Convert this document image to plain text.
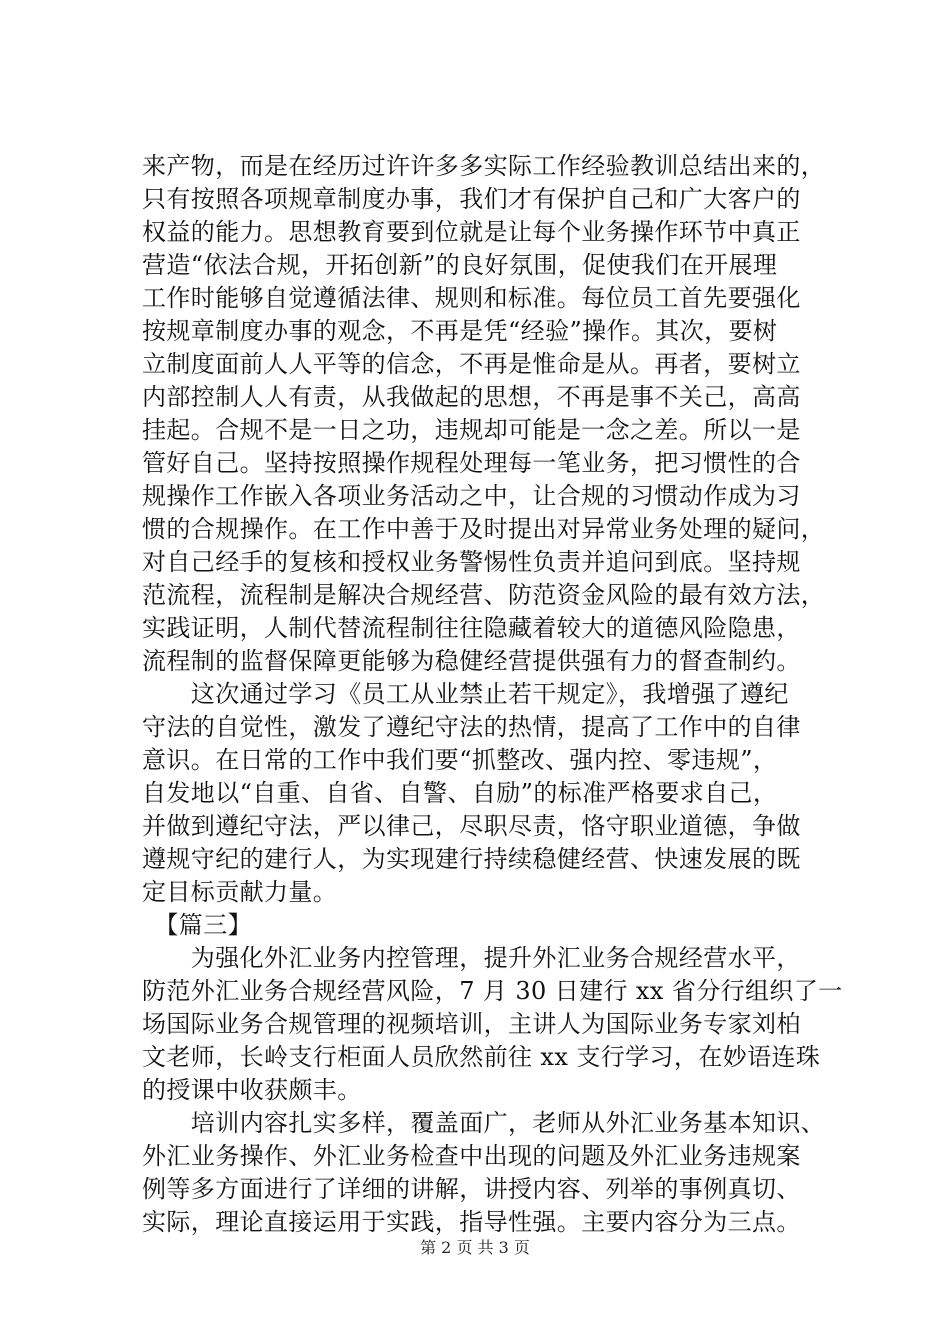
来产物，而是在经历过许许多多实际工作经验教训总结出来的，
只有按照各项规章制度办事，我们才有保护自己和广大客户的
权益的能力。思想教育要到位就是让每个业务操作环节中真正
营造“依法合规，开拓创新”的良好氛围，促使我们在开展理
工作时能够自觉遵循法律、规则和标准。每位员工首先要强化
按规章制度办事的观念，不再是凭“经验”操作。其次，要树
立制度面前人人平等的信念，不再是惟命是从。再者，要树立
内部控制人人有责，从我做起的思想，不再是事不关己，高高
挂起。合规不是一日之功，违规却可能是一念之差。所以一是
管好自己。坚持按照操作规程处理每一笔业务，把习惯性的合
规操作工作嵌入各项业务活动之中，让合规的习惯动作成为习
惯的合规操作。在工作中善于及时提出对异常业务处理的疑问，
对自己经手的复核和授权业务警惕性负责并追问到底。坚持规
范流程，流程制是解决合规经营、防范资金风险的最有效方法，
实践证明，人制代替流程制往往隐藏着较大的道德风险隐患，
流程制的监督保障更能够为稳健经营提供强有力的督查制约。
　　这次通过学习《员工从业禁止若干规定》，我增强了遵纪
守法的自觉性，激发了遵纪守法的热情，提高了工作中的自律
意识。在日常的工作中我们要“抓整改、强内控、零违规”，
自发地以“自重、自省、自警、自励”的标准严格要求自己，
并做到遵纪守法，严以律己，尽职尽责，恪守职业道德，争做
遵规守纪的建行人，为实现建行持续稳健经营、快速发展的既
定目标贡献力量。
　【篇三】
　　为强化外汇业务内控管理，提升外汇业务合规经营水平，
防范外汇业务合规经营风险，7 月 30 日建行 xx 省分行组织了一
场国际业务合规管理的视频培训，主讲人为国际业务专家刘柏
文老师，长岭支行柜面人员欣然前往 xx 支行学习，在妙语连珠
的授课中收获颇丰。
　　培训内容扎实多样，覆盖面广，老师从外汇业务基本知识、
外汇业务操作、外汇业务检查中出现的问题及外汇业务违规案
例等多方面进行了详细的讲解，讲授内容、列举的事例真切、
实际，理论直接运用于实践，指导性强。主要内容分为三点。
第 2 页 共 3 页
